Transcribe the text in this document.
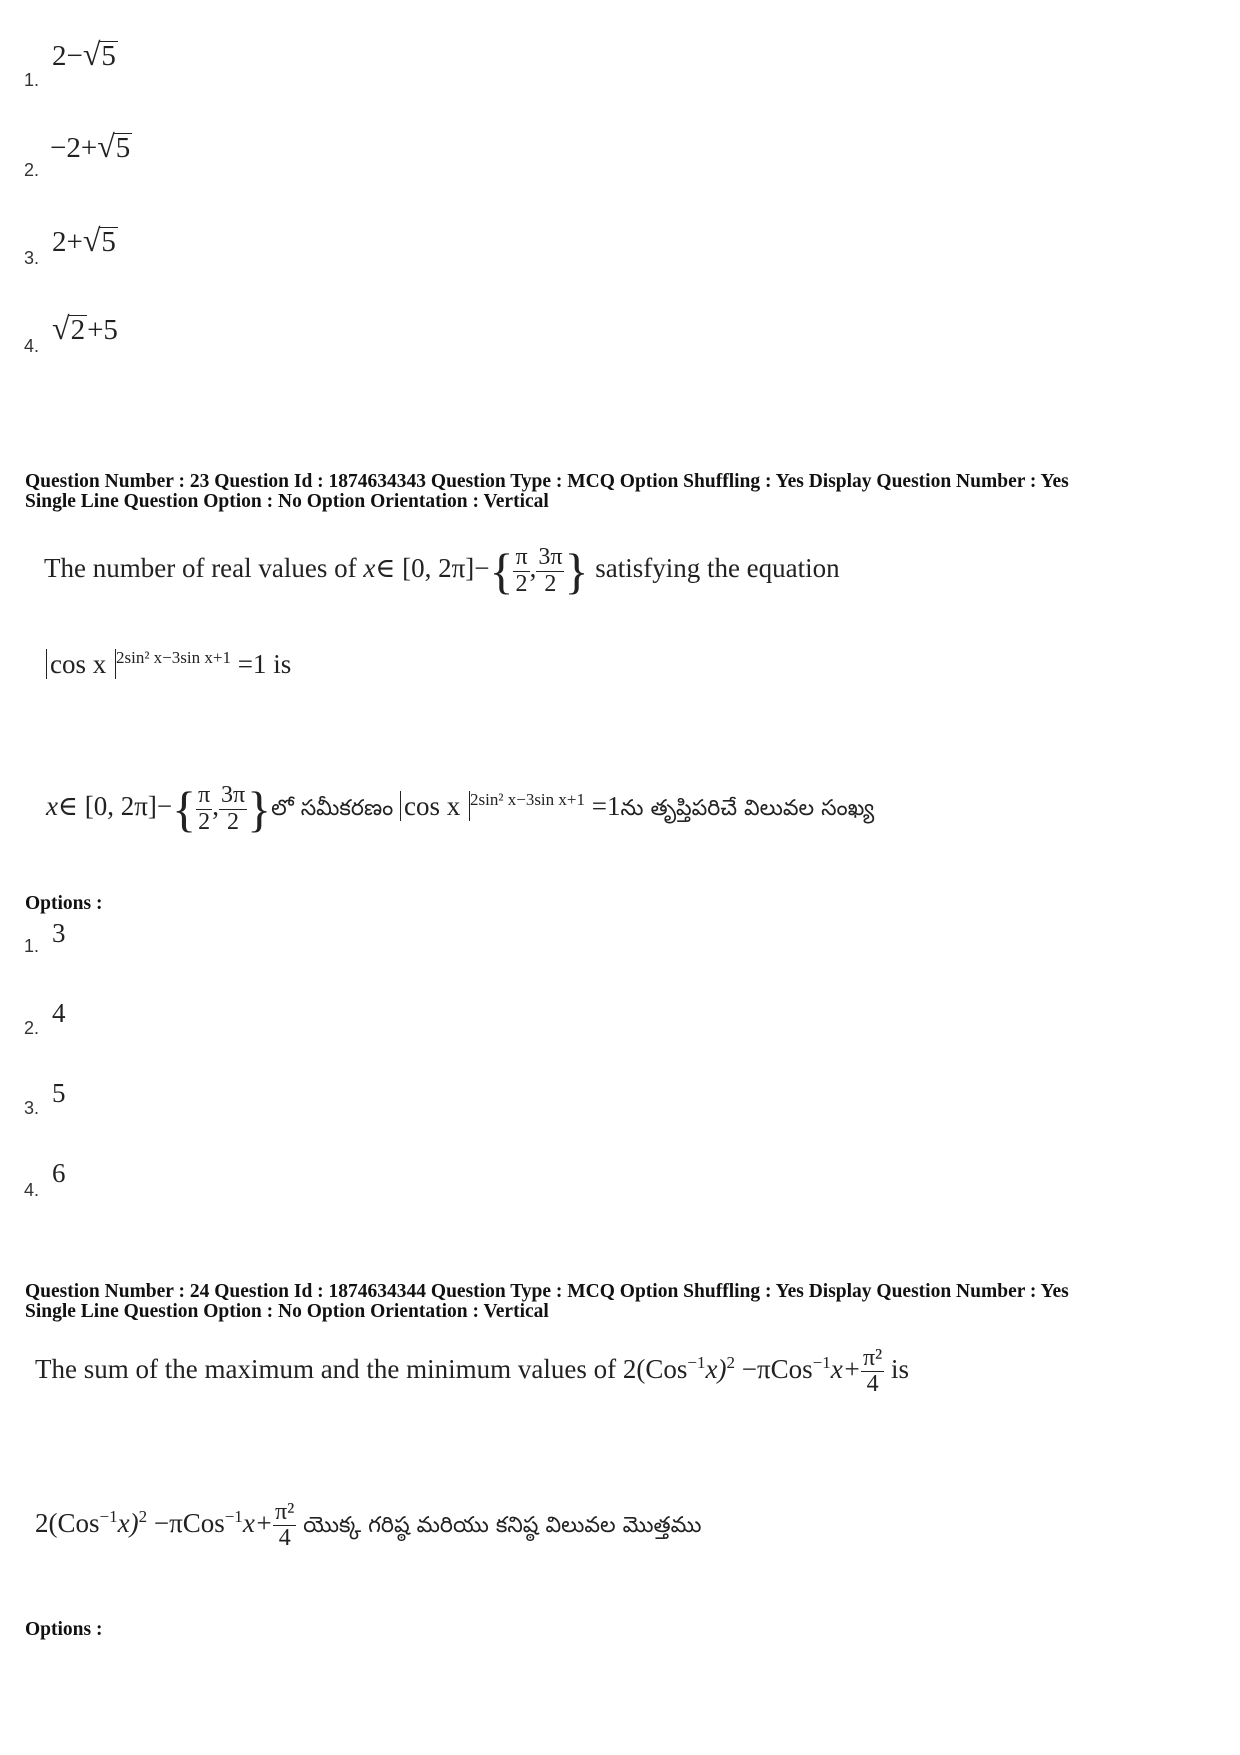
1.
2−√5
2.
−2+√5
3. 2+√5
4. √2+5
Question Number : 23 Question Id : 1874634343 Question Type : MCQ Option Shuffling : Yes Display Question Number : Yes
Single Line Question Option : No Option Orientation : Vertical
The number of real values of x∈ [0, $2\pi]-\{ \frac{\pi}{2}$ , $\frac{3\pi}{2}$ } satisfying the equation
cos x $^{2sin^2 x-3sin x+1}$ =1 is
x∈ [0, $2\pi]-\{ \frac{\pi}{2}$ , $\frac{3\pi}{2}$ }లో సమీకరణం cos x $^{2sin^2 x-3sin x+1}$ =1ను తృప్తిపరిచే విలువల సంఖ్య
Options :
1. 3
2. 4
3. 5
4.
6
Question Number : 24 Question Id : 1874634344 Question Type : MCQ Option Shuffling : Yes Display Question Number : Yes
Single Line Question Option : No Option Orientation : Vertical
The sum of the maximum and the minimum values of $2(Cos^{-1}x)^2 -\pi Cos^{-1}x+ \frac{\text{π²}}{4}$ is
$2(Cos^{-1}x)^2 -\pi Cos^{-1}x+ \frac{\text{π²}}{4}$ యొక్క గరిష్ఠ మరియు కనిష్ఠ విలువల మొత్తము
Options :
